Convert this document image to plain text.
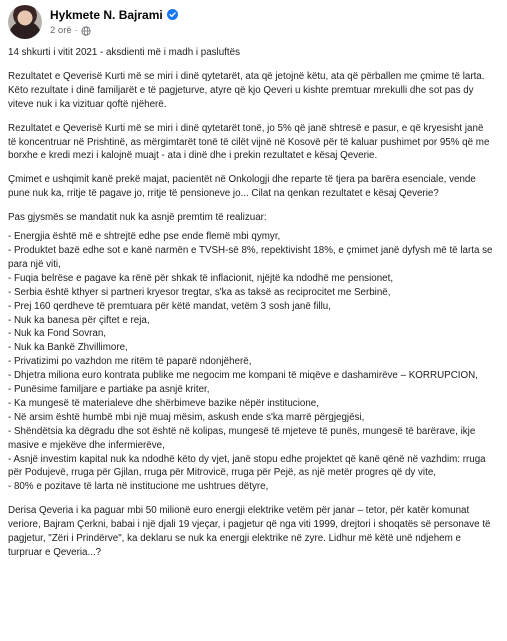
Hykmete N. Bajrami
2 orë ·

14 shkurti i vitit 2021 - aksdienti më i madh i pasluftës

Rezultatet e Qeverisë Kurti më se miri i dinë qytetarët, ata që jetojnë këtu, ata që përballen me çmime të larta. Këto rezultate i dinë familjarët e të pagjeturve, atyre që kjo Qeveri u kishte premtuar mrekulli dhe sot pas dy viteve nuk i ka vizituar qoftë njëherë.

Rezultatet e Qeverisë Kurti më se miri i dinë qytetarët tonë, jo 5% që janë shtresë e pasur, e që kryesisht janë të koncentruar në Prishtinë, as mërgimtarët tonë të cilët vijnë në Kosovë për të kaluar pushimet por 95% që me borxhe e kredi mezi i kalojnë muajt - ata i dinë dhe i prekin rezultatet e kësaj Qeverie.

Çmimet e ushqimit kanë prekë majat, pacientët në Onkologji dhe reparte të tjera pa barëra esenciale, vende pune nuk ka, rritje të pagave jo, rritje të pensioneve jo... Cilat na qenkan rezultatet e kësaj Qeverie?

Pas gjysmës se mandatit nuk ka asnjë premtim të realizuar:

- Energjia është më e shtrejtë edhe pse ende flemë mbi qymyr,
- Produktet bazë edhe sot e kanë narmën e TVSH-së 8%, repektivisht 18%, e çmimet janë dyfysh më të larta se para një viti,
- Fuqia belrëse e pagave ka rënë për shkak të inflacionit, njëjtë ka ndodhë me pensionet,
- Serbia është kthyer si partneri kryesor tregtar, s'ka as taksë as reciprocitet me Serbinë,
- Prej 160 qerdheve të premtuara për këtë mandat, vetëm 3 sosh janë fillu,
- Nuk ka banesa për çiftet e reja,
- Nuk ka Fond Sovran,
- Nuk ka Bankë Zhvillimore,
- Privatizimi po vazhdon me ritëm të paparë ndonjëherë,
- Dhjetra miliona euro kontrata publike me negocim me kompani të miqëve e dashamirëve – KORRUPCION,
- Punësime familjare e partiake pa asnjë kriter,
- Ka mungesë të materialeve dhe shërbimeve bazike nëpër institucione,
- Në arsim është humbë mbi një muaj mësim, askush ende s'ka marrë përgjegjësi,
- Shëndëtsia ka dëgradu dhe sot është në kolipas, mungesë të mjeteve të punës, mungesë të barërave, ikje masive e mjekëve dhe infermierëve,
- Asnjë investim kapital nuk ka ndodhë këto dy vjet, janë stopu edhe projektet që kanë qënë në vazhdim: rruga për Podujevë, rruga për Gjilan, rruga për Mitrovicë, rruga për Pejë, as një metër progres që dy vite,
- 80% e pozitave të larta në institucione me ushtrues dëtyre,

Derisa Qeveria i ka paguar mbi 50 milionë euro energji elektrike vetëm për janar – tetor, për katër komunat veriore, Bajram Çerkni, babai i një djali 19 vjeçar, i pagjetur që nga viti 1999, drejtori i shoqatës së personave të pagjetur, "Zëri i Prindërve", ka deklaru se nuk ka energji elektrike në zyre. Lidhur më këtë unë ndjehem e turpruar e Qeveria...?
